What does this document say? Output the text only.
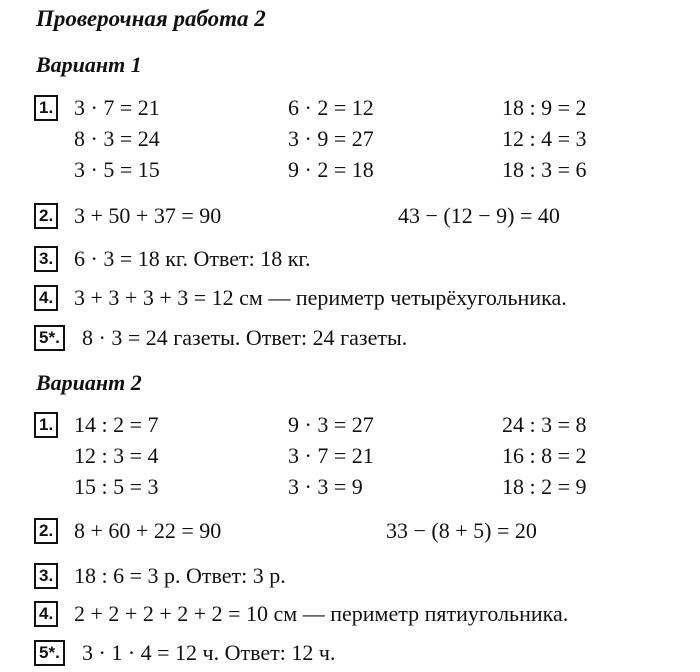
Проверочная работа 2
Вариант 1
1. 3 · 7 = 21
8 · 3 = 24
3 · 5 = 15
6 · 2 = 12
3 · 9 = 27
9 · 2 = 18
18 : 9 = 2
12 : 4 = 3
18 : 3 = 6
2. 3 + 50 + 37 = 90	43 − (12 − 9) = 40
3. 6 · 3 = 18 кг. Ответ: 18 кг.
4. 3 + 3 + 3 + 3 = 12 см — периметр четырёхугольника.
5*. 8 · 3 = 24 газеты. Ответ: 24 газеты.
Вариант 2
1. 14 : 2 = 7
12 : 3 = 4
15 : 5 = 3
9 · 3 = 27
3 · 7 = 21
3 · 3 = 9
24 : 3 = 8
16 : 8 = 2
18 : 2 = 9
2. 8 + 60 + 22 = 90	33 − (8 + 5) = 20
3. 18 : 6 = 3 р. Ответ: 3 р.
4. 2 + 2 + 2 + 2 + 2 = 10 см — периметр пятиугольника.
5*. 3 · 1 · 4 = 12 ч. Ответ: 12 ч.
